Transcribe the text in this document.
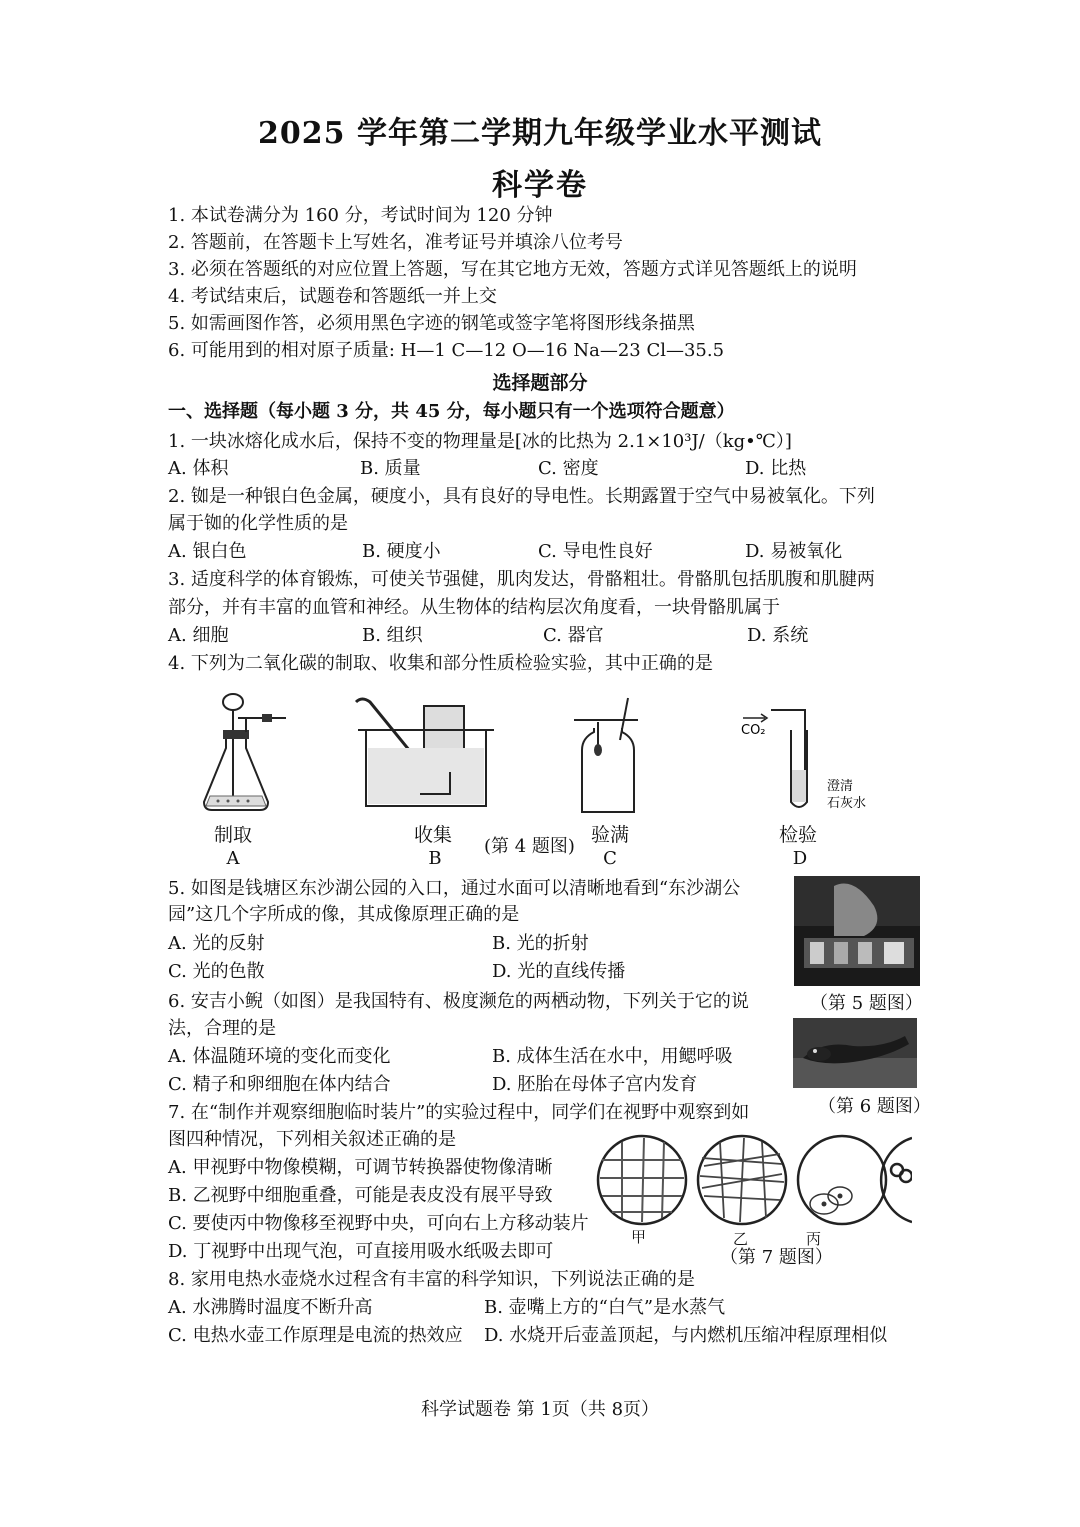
2025 学年第二学期九年级学业水平测试
科学卷
1. 本试卷满分为 160 分，考试时间为 120 分钟
2. 答题前，在答题卡上写姓名，准考证号并填涂八位考号
3. 必须在答题纸的对应位置上答题，写在其它地方无效，答题方式详见答题纸上的说明
4. 考试结束后，试题卷和答题纸一并上交
5. 如需画图作答，必须用黑色字迹的钢笔或签字笔将图形线条描黑
6. 可能用到的相对原子质量: H—1 C—12 O—16 Na—23 Cl—35.5
选择题部分
一、选择题（每小题 3 分，共 45 分，每小题只有一个选项符合题意）
1. 一块冰熔化成水后，保持不变的物理量是[冰的比热为 2.1×10³J/（kg•℃）]
A. 体积	B. 质量	C. 密度	D. 比热
2. 铷是一种银白色金属，硬度小，具有良好的导电性。长期露置于空气中易被氧化。下列
属于铷的化学性质的是
A. 银白色	B. 硬度小	C. 导电性良好	D. 易被氧化
3. 适度科学的体育锻炼，可使关节强健，肌肉发达，骨骼粗壮。骨骼肌包括肌腹和肌腱两
部分，并有丰富的血管和神经。从生物体的结构层次角度看，一块骨骼肌属于
A. 细胞	B. 组织	C. 器官	D. 系统
4. 下列为二氧化碳的制取、收集和部分性质检验实验，其中正确的是
制取
A
收集
B
(第 4 题图)
验满
C
CO₂
澄清
石灰水
检验
D
5. 如图是钱塘区东沙湖公园的入口，通过水面可以清晰地看到“东沙湖公
园”这几个字所成的像，其成像原理正确的是
A. 光的反射	B. 光的折射
C. 光的色散	D. 光的直线传播
（第 5 题图）
6. 安吉小鲵（如图）是我国特有、极度濒危的两栖动物，下列关于它的说
法，合理的是
A. 体温随环境的变化而变化	B. 成体生活在水中，用鳃呼吸
C. 精子和卵细胞在体内结合	D. 胚胎在母体子宫内发育
（第 6 题图）
7. 在“制作并观察细胞临时装片”的实验过程中，同学们在视野中观察到如
图四种情况，下列相关叙述正确的是
A. 甲视野中物像模糊，可调节转换器使物像清晰
B. 乙视野中细胞重叠，可能是表皮没有展平导致
C. 要使丙中物像移至视野中央，可向右上方移动装片
D. 丁视野中出现气泡，可直接用吸水纸吸去即可
甲	乙	丙
（第 7 题图）
8. 家用电热水壶烧水过程含有丰富的科学知识，下列说法正确的是
A. 水沸腾时温度不断升高	B. 壶嘴上方的“白气”是水蒸气
C. 电热水壶工作原理是电流的热效应 D. 水烧开后壶盖顶起，与内燃机压缩冲程原理相似
科学试题卷 第 1页（共 8页）
